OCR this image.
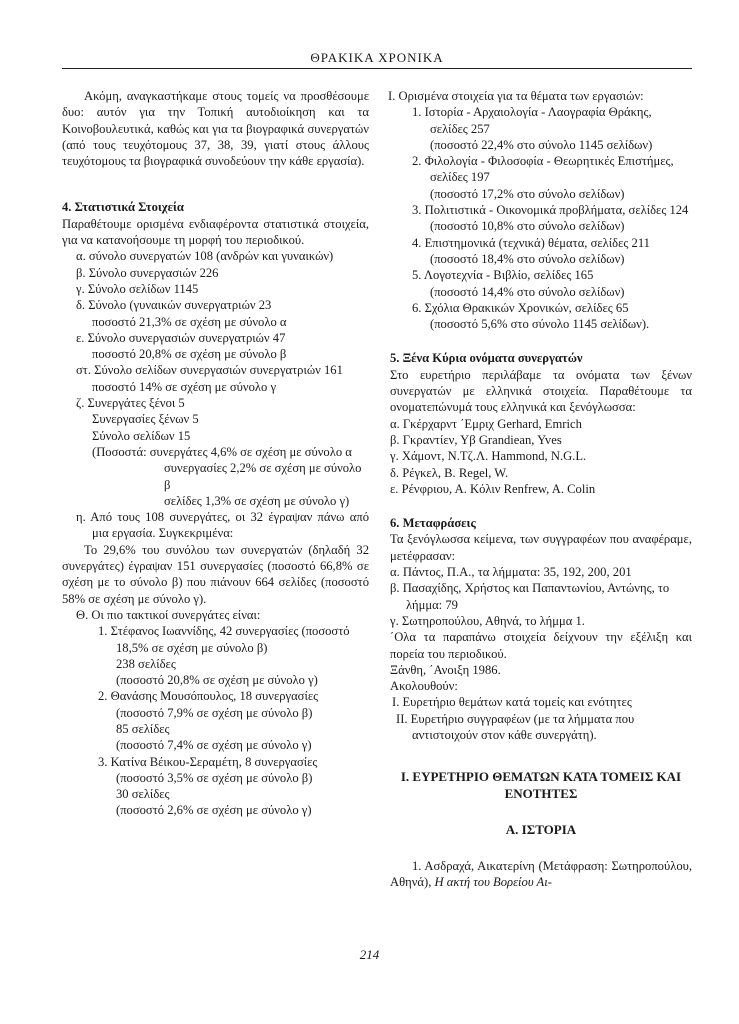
ΘΡΑΚΙΚΑ ΧΡΟΝΙΚΑ

Ακόμη, αναγκαστήκαμε στους τομείς να προσθέσουμε δυο: αυτόν για την Τοπική αυτοδιοίκηση και τα Κοινοβουλευτικά, καθώς και για τα βιογραφικά συνεργατών (από τους τευχότομους 37, 38, 39, γιατί στους άλλους τευχότομους τα βιογραφικά συνοδεύουν την κάθε εργασία).

4. Στατιστικά Στοιχεία

Παραθέτουμε ορισμένα ενδιαφέροντα στατιστικά στοιχεία, για να κατανοήσουμε τη μορφή του περιοδικού.

α. σύνολο συνεργατών 108 (ανδρών και γυναικών)

β. Σύνολο συνεργασιών 226

γ. Σύνολο σελίδων 1145

δ. Σύνολο (γυναικών συνεργατριών 23

ποσοστό 21,3% σε σχέση με σύνολο α

ε. Σύνολο συνεργασιών συνεργατριών 47

ποσοστό 20,8% σε σχέση με σύνολο β

στ. Σύνολο σελίδων συνεργασιών συνεργατριών 161

ποσοστό 14% σε σχέση με σύνολο γ

ζ. Συνεργάτες ξένοι 5

Συνεργασίες ξένων 5

Σύνολο σελίδων 15

(Ποσοστά: συνεργάτες 4,6% σε σχέση με σύνολο α

συνεργασίες 2,2% σε σχέση με σύνολο β

σελίδες 1,3% σε σχέση με σύνολο γ)

η. Από τους 108 συνεργάτες, οι 32 έγραψαν πάνω από μια εργασία. Συγκεκριμένα:

Το 29,6% του συνόλου των συνεργατών (δηλαδή 32 συνεργάτες) έγραψαν 151 συνεργασίες (ποσοστό 66,8% σε σχέση με το σύνολο β) που πιάνουν 664 σελίδες (ποσοστό 58% σε σχέση με σύνολο γ).

Θ. Οι πιο τακτικοί συνεργάτες είναι:

1. Στέφανος Ιωαννίδης, 42 συνεργασίες (ποσοστό 18,5% σε σχέση με σύνολο β)

238 σελίδες

(ποσοστό 20,8% σε σχέση με σύνολο γ)

2. Θανάσης Μουσόπουλος, 18 συνεργασίες

(ποσοστό 7,9% σε σχέση με σύνολο β)

85 σελίδες

(ποσοστό 7,4% σε σχέση με σύνολο γ)

3. Κατίνα Βέικου-Σεραμέτη, 8 συνεργασίες

(ποσοστό 3,5% σε σχέση με σύνολο β)

30 σελίδες

(ποσοστό 2,6% σε σχέση με σύνολο γ)

Ι. Ορισμένα στοιχεία για τα θέματα των εργασιών:

1. Ιστορία - Αρχαιολογία - Λαογραφία Θράκης, σελίδες 257

(ποσοστό 22,4% στο σύνολο 1145 σελίδων)

2. Φιλολογία - Φιλοσοφία - Θεωρητικές Επιστήμες, σελίδες 197

(ποσοστό 17,2% στο σύνολο σελίδων)

3. Πολιτιστικά - Οικονομικά προβλήματα, σελίδες 124

(ποσοστό 10,8% στο σύνολο σελίδων)

4. Επιστημονικά (τεχνικά) θέματα, σελίδες 211

(ποσοστό 18,4% στο σύνολο σελίδων)

5. Λογοτεχνία - Βιβλίο, σελίδες 165

(ποσοστό 14,4% στο σύνολο σελίδων)

6. Σχόλια Θρακικών Χρονικών, σελίδες 65

(ποσοστό 5,6% στο σύνολο 1145 σελίδων).

5. Ξένα Κύρια ονόματα συνεργατών

Στο ευρετήριο περιλάβαμε τα ονόματα των ξένων συνεργατών με ελληνικά στοιχεία. Παραθέτουμε τα ονοματεπώνυμά τους ελληνικά και ξενόγλωσσα:

α. Γκέρχαρντ ΄Εμριχ Gerhard, Emrich

β. Γκραντίεν, Υβ Grandiean, Yves

γ. Χάμοντ, Ν.Τζ.Λ. Hammond, N.G.L.

δ. Ρέγκελ, Β. Regel, W.

ε. Ρένφριου, Α. Κόλιν Renfrew, A. Colin

6. Μεταφράσεις

Τα ξενόγλωσσα κείμενα, των συγγραφέων που αναφέραμε, μετέφρασαν:

α. Πάντος, Π.Α., τα λήμματα: 35, 192, 200, 201

β. Πασαχίδης, Χρήστος και Παπαντωνίου, Αντώνης, το λήμμα: 79

γ. Σωτηροπούλου, Αθηνά, το λήμμα 1.

΄Ολα τα παραπάνω στοιχεία δείχνουν την εξέλιξη και πορεία του περιοδικού.

Ξάνθη, ΄Ανοιξη 1986.

Ακολουθούν:

Ι. Ευρετήριο θεμάτων κατά τομείς και ενότητες

ΙΙ. Ευρετήριο συγγραφέων (με τα λήμματα που αντιστοιχούν στον κάθε συνεργάτη).

Ι. ΕΥΡΕΤΗΡΙΟ ΘΕΜΑΤΩΝ ΚΑΤΑ ΤΟΜΕΙΣ ΚΑΙ ΕΝΟΤΗΤΕΣ

Α. ΙΣΤΟΡΙΑ

1. Ασδραχά, Αικατερίνη (Μετάφραση: Σωτηροπούλου, Αθηνά), Η ακτή του Βορείου Αι-

214
